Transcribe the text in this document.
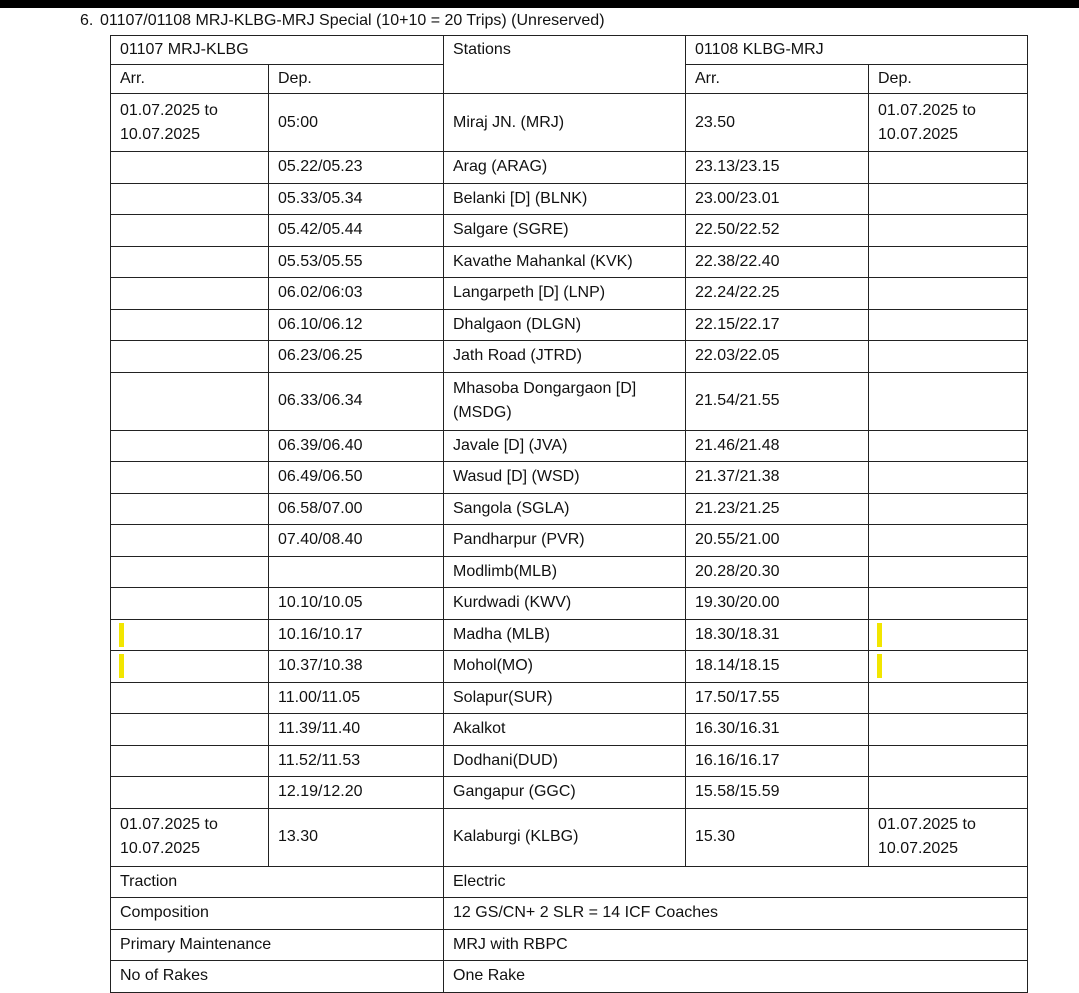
6. 01107/01108 MRJ-KLBG-MRJ Special (10+10 = 20 Trips) (Unreserved)
01107 MRJ-KLBG		Stations	01108 KLBG-MRJ	
Arr.	Dep.		Arr.	Dep.
01.07.2025 to 10.07.2025	05:00	Miraj JN. (MRJ)	23.50	01.07.2025 to 10.07.2025
	05.22/05.23	Arag (ARAG)	23.13/23.15	
	05.33/05.34	Belanki [D] (BLNK)	23.00/23.01	
	05.42/05.44	Salgare (SGRE)	22.50/22.52	
	05.53/05.55	Kavathe Mahankal (KVK)	22.38/22.40	
	06.02/06:03	Langarpeth [D] (LNP)	22.24/22.25	
	06.10/06.12	Dhalgaon (DLGN)	22.15/22.17	
	06.23/06.25	Jath Road (JTRD)	22.03/22.05	
	06.33/06.34	Mhasoba Dongargaon [D] (MSDG)	21.54/21.55	
	06.39/06.40	Javale [D] (JVA)	21.46/21.48	
	06.49/06.50	Wasud [D] (WSD)	21.37/21.38	
	06.58/07.00	Sangola (SGLA)	21.23/21.25	
	07.40/08.40	Pandharpur (PVR)	20.55/21.00	
		Modlimb(MLB)	20.28/20.30	
	10.10/10.05	Kurdwadi (KWV)	19.30/20.00	
	10.16/10.17	Madha (MLB)	18.30/18.31	
	10.37/10.38	Mohol(MO)	18.14/18.15	
	11.00/11.05	Solapur(SUR)	17.50/17.55	
	11.39/11.40	Akalkot	16.30/16.31	
	11.52/11.53	Dodhani(DUD)	16.16/16.17	
	12.19/12.20	Gangapur (GGC)	15.58/15.59	
01.07.2025 to 10.07.2025	13.30	Kalaburgi (KLBG)	15.30	01.07.2025 to 10.07.2025
Traction		Electric		
Composition		12 GS/CN+ 2 SLR = 14 ICF Coaches		
Primary Maintenance		MRJ with RBPC		
No of Rakes		One Rake		
